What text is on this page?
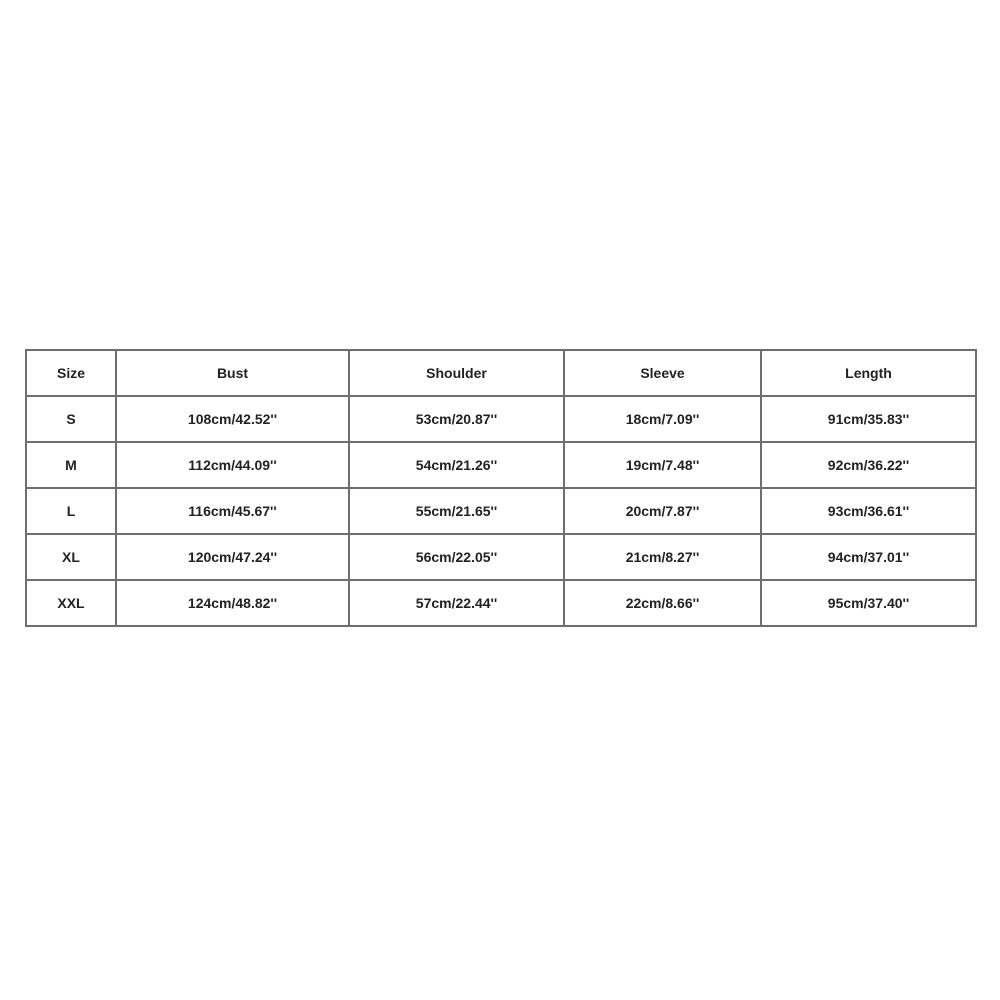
Size	Bust	Shoulder	Sleeve	Length
S	108cm/42.52''	53cm/20.87''	18cm/7.09''	91cm/35.83''
M	112cm/44.09''	54cm/21.26''	19cm/7.48''	92cm/36.22''
L	116cm/45.67''	55cm/21.65''	20cm/7.87''	93cm/36.61''
XL	120cm/47.24''	56cm/22.05''	21cm/8.27''	94cm/37.01''
XXL	124cm/48.82''	57cm/22.44''	22cm/8.66''	95cm/37.40''
